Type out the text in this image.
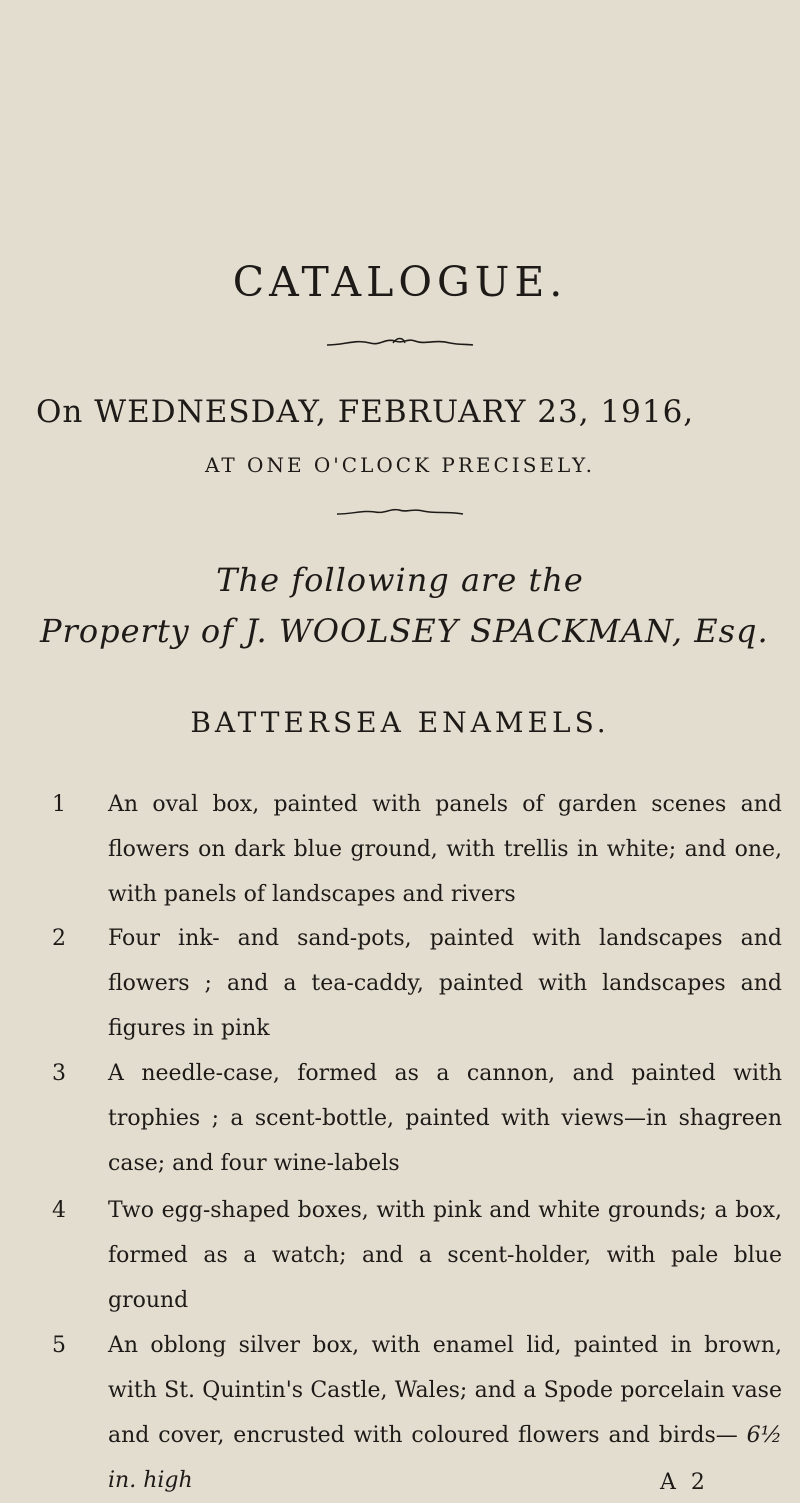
CATALOGUE.
On WEDNESDAY, FEBRUARY 23, 1916,
AT ONE O'CLOCK PRECISELY.
The following are the
Property of J. WOOLSEY SPACKMAN, Esq.
BATTERSEA ENAMELS.
1	An oval box, painted with panels of garden scenes and flowers on dark blue ground, with trellis in white; and one, with panels of landscapes and rivers
2	Four ink- and sand-pots, painted with landscapes and flowers ; and a tea-caddy, painted with landscapes and figures in pink
3	A needle-case, formed as a cannon, and painted with trophies ; a scent-bottle, painted with views—in shagreen case; and four wine-labels
4	Two egg-shaped boxes, with pink and white grounds; a box, formed as a watch; and a scent-holder, with pale blue ground
5	An oblong silver box, with enamel lid, painted in brown, with St. Quintin's Castle, Wales; and a Spode porcelain vase and cover, encrusted with coloured flowers and birds— 6½ in. high	A 2
